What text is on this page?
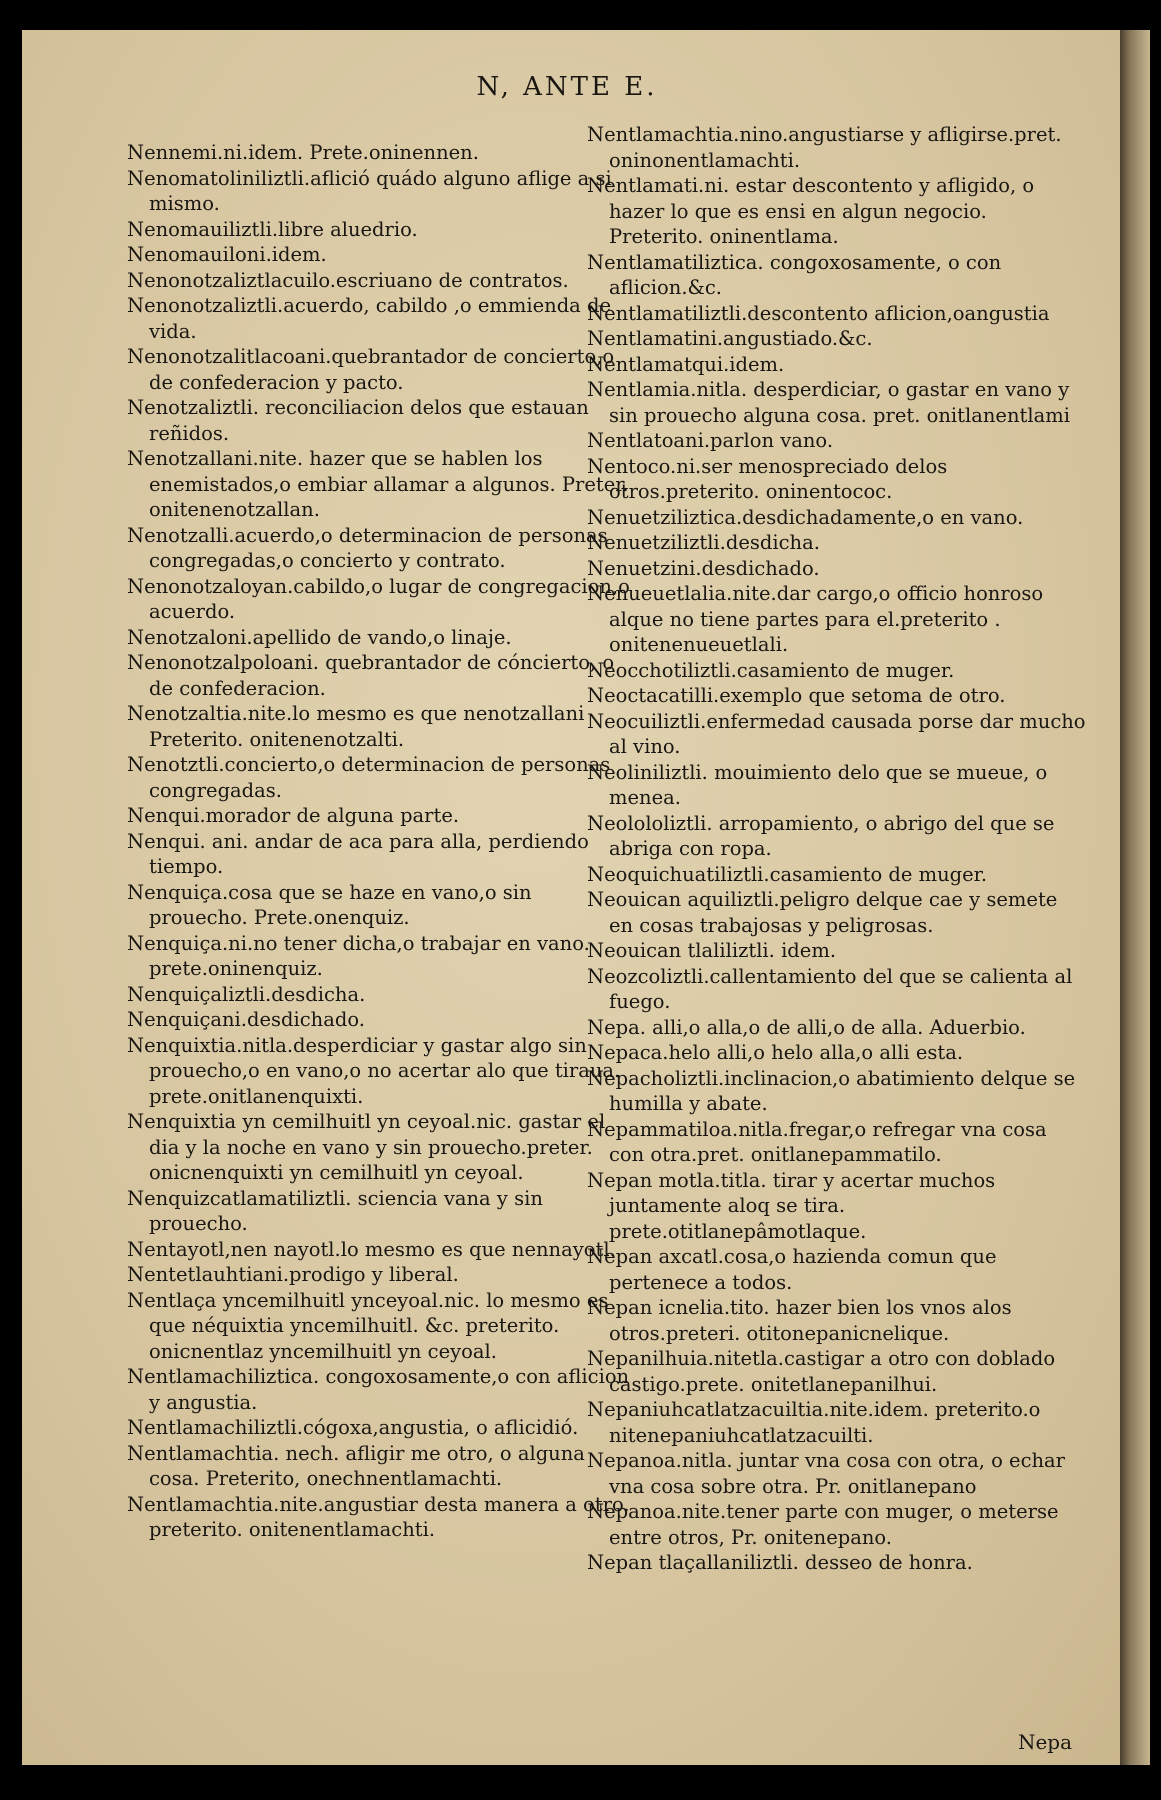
N, ANTE E.

Nennemi.ni.idem. Prete.oninennen.

Nenomatoliniliztli.aflició quádo alguno aflige a si mismo.

Nenomauiliztli.libre aluedrio.

Nenomauiloni.idem.

Nenonotzaliztlacuilo.escriuano de contratos.

Nenonotzaliztli.acuerdo, cabildo ,o emmienda de vida.

Nenonotzalitlacoani.quebrantador de concierto,o de confederacion y pacto.

Nenotzaliztli. reconciliacion delos que estauan reñidos.

Nenotzallani.nite. hazer que se hablen los enemistados,o embiar allamar a algunos. Preter. onitenenotzallan.

Nenotzalli.acuerdo,o determinacion de personas congregadas,o concierto y contrato.

Nenonotzaloyan.cabildo,o lugar de congregacion,o acuerdo.

Nenotzaloni.apellido de vando,o linaje.

Nenonotzalpoloani. quebrantador de cóncierto, o de confederacion.

Nenotzaltia.nite.lo mesmo es que nenotzallani Preterito. onitenenotzalti.

Nenotztli.concierto,o determinacion de personas congregadas.

Nenqui.morador de alguna parte.

Nenqui. ani. andar de aca para alla, perdiendo tiempo.

Nenquiça.cosa que se haze en vano,o sin prouecho. Prete.onenquiz.

Nenquiça.ni.no tener dicha,o trabajar en vano. prete.oninenquiz.

Nenquiçaliztli.desdicha.

Nenquiçani.desdichado.

Nenquixtia.nitla.desperdiciar y gastar algo sin prouecho,o en vano,o no acertar alo que tiraua. prete.onitlanenquixti.

Nenquixtia yn cemilhuitl yn ceyoal.nic. gastar el dia y la noche en vano y sin prouecho.preter. onicnenquixti yn cemilhuitl yn ceyoal.

Nenquizcatlamatiliztli. sciencia vana y sin prouecho.

Nentayotl,nen nayotl.lo mesmo es que nennayotl.

Nentetlauhtiani.prodigo y liberal.

Nentlaça yncemilhuitl ynceyoal.nic. lo mesmo es que néquixtia yncemilhuitl. &c. preterito. onicnentlaz yncemilhuitl yn ceyoal.

Nentlamachiliztica. congoxosamente,o con aflicion y angustia.

Nentlamachiliztli.cógoxa,angustia, o aflicidió.

Nentlamachtia. nech. afligir me otro, o alguna cosa. Preterito, onechnentlamachti.

Nentlamachtia.nite.angustiar desta manera a otro. preterito. onitenentlamachti.

Nentlamachtia.nino.angustiarse y afligirse.pret. oninonentlamachti.

Nentlamati.ni. estar descontento y afligido, o hazer lo que es ensi en algun negocio. Preterito. oninentlama.

Nentlamatiliztica. congoxosamente, o con aflicion.&c.

Nentlamatiliztli.descontento aflicion,oangustia

Nentlamatini.angustiado.&c.

Nentlamatqui.idem.

Nentlamia.nitla. desperdiciar, o gastar en vano y sin prouecho alguna cosa. pret. onitlanentlami

Nentlatoani.parlon vano.

Nentoco.ni.ser menospreciado delos otros.preterito. oninentococ.

Nenuetziliztica.desdichadamente,o en vano.

Nenuetziliztli.desdicha.

Nenuetzini.desdichado.

Nenueuetlalia.nite.dar cargo,o officio honroso alque no tiene partes para el.preterito . onitenenueuetlali.

Neocchotiliztli.casamiento de muger.

Neoctacatilli.exemplo que setoma de otro.

Neocuiliztli.enfermedad causada porse dar mucho al vino.

Neoliniliztli. mouimiento delo que se mueue, o menea.

Neolololiztli. arropamiento, o abrigo del que se abriga con ropa.

Neoquichuatiliztli.casamiento de muger.

Neouican aquiliztli.peligro delque cae y semete en cosas trabajosas y peligrosas.

Neouican tlaliliztli. idem.

Neozcoliztli.callentamiento del que se calienta al fuego.

Nepa. alli,o alla,o de alli,o de alla. Aduerbio.

Nepaca.helo alli,o helo alla,o alli esta.

Nepacholiztli.inclinacion,o abatimiento delque se humilla y abate.

Nepammatiloa.nitla.fregar,o refregar vna cosa con otra.pret. onitlanepammatilo.

Nepan motla.titla. tirar y acertar muchos juntamente aloq se tira. prete.otitlanepâmotlaque.

Nepan axcatl.cosa,o hazienda comun que pertenece a todos.

Nepan icnelia.tito. hazer bien los vnos alos otros.preteri. otitonepanicnelique.

Nepanilhuia.nitetla.castigar a otro con doblado castigo.prete. onitetlanepanilhui.

Nepaniuhcatlatzacuiltia.nite.idem. preterito.o nitenepaniuhcatlatzacuilti.

Nepanoa.nitla. juntar vna cosa con otra, o echar vna cosa sobre otra. Pr. onitlanepano

Nepanoa.nite.tener parte con muger, o meterse entre otros, Pr. onitenepano.

Nepan tlaçallaniliztli. desseo de honra.

Nepa
